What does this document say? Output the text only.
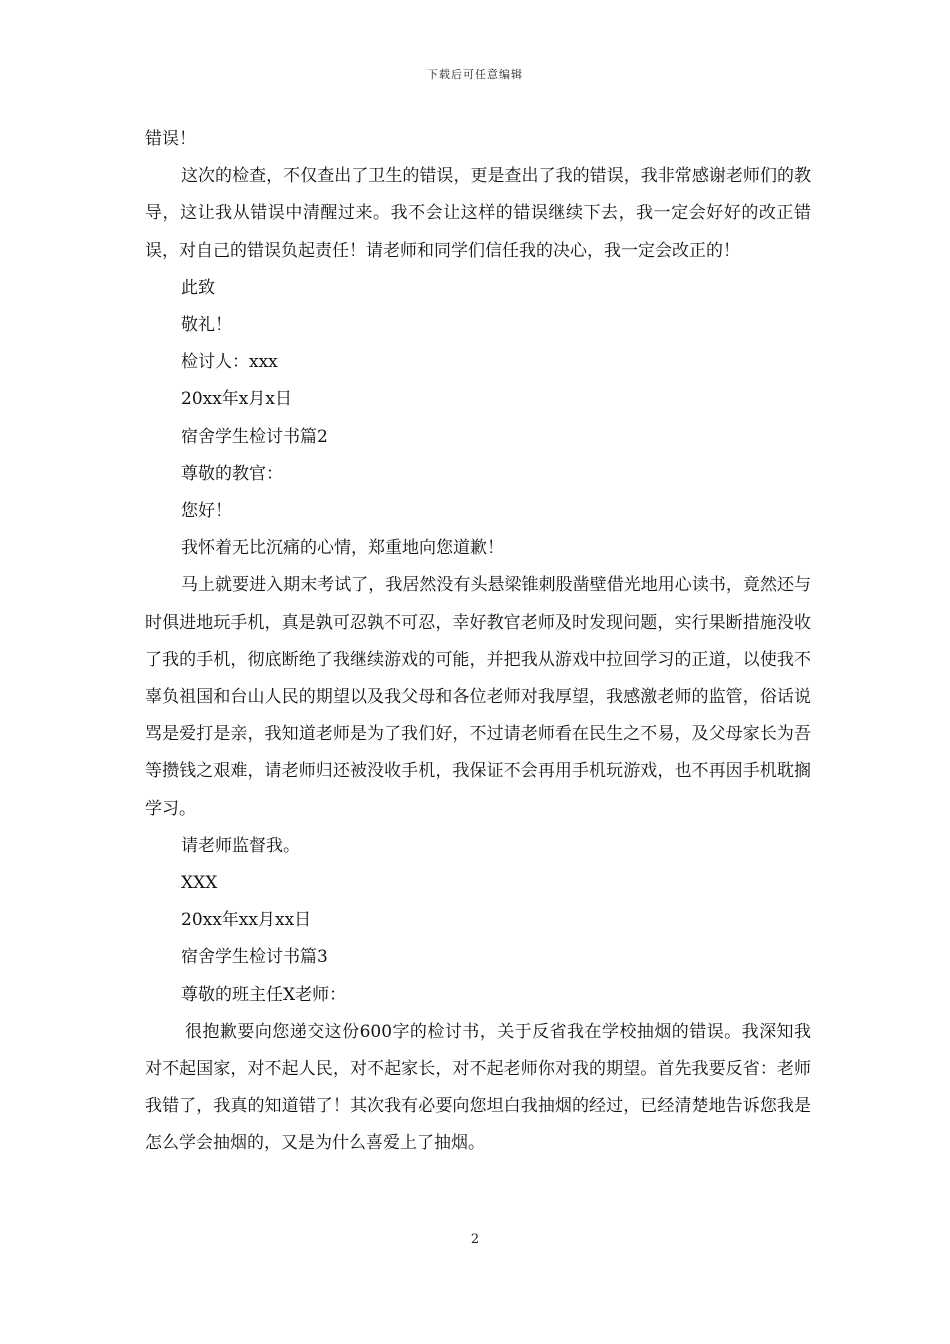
下载后可任意编辑

错误！

这次的检查，不仅查出了卫生的错误，更是查出了我的错误，我非常感谢老师们的教导，这让我从错误中清醒过来。我不会让这样的错误继续下去，我一定会好好的改正错误，对自己的错误负起责任！请老师和同学们信任我的决心，我一定会改正的！

此致

敬礼！

检讨人：xxx

20xx年x月x日

宿舍学生检讨书篇2

尊敬的教官：

您好！

我怀着无比沉痛的心情，郑重地向您道歉！

马上就要进入期末考试了，我居然没有头悬梁锥刺股凿壁借光地用心读书，竟然还与时俱进地玩手机，真是孰可忍孰不可忍，幸好教官老师及时发现问题，实行果断措施没收了我的手机，彻底断绝了我继续游戏的可能，并把我从游戏中拉回学习的正道，以使我不辜负祖国和台山人民的期望以及我父母和各位老师对我厚望，我感激老师的监管，俗话说骂是爱打是亲，我知道老师是为了我们好，不过请老师看在民生之不易，及父母家长为吾等攒钱之艰难，请老师归还被没收手机，我保证不会再用手机玩游戏，也不再因手机耽搁学习。

请老师监督我。

XXX

20xx年xx月xx日

宿舍学生检讨书篇3

尊敬的班主任X老师：

很抱歉要向您递交这份600字的检讨书，关于反省我在学校抽烟的错误。我深知我对不起国家，对不起人民，对不起家长，对不起老师你对我的期望。首先我要反省：老师我错了，我真的知道错了！其次我有必要向您坦白我抽烟的经过，已经清楚地告诉您我是怎么学会抽烟的，又是为什么喜爱上了抽烟。

2
